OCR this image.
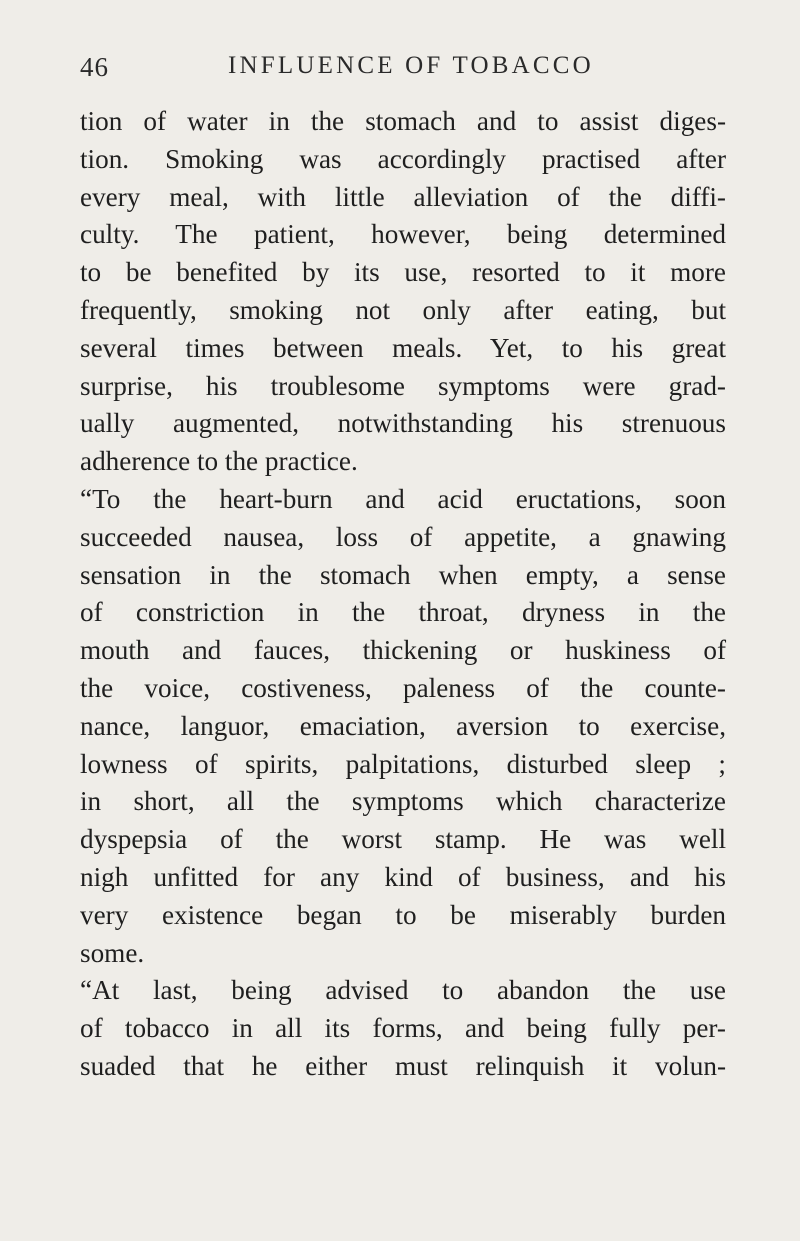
46	INFLUENCE OF TOBACCO
tion of water in the stomach and to assist diges-
tion. Smoking was accordingly practised after
every meal, with little alleviation of the diffi-
culty. The patient, however, being determined
to be benefited by its use, resorted to it more
frequently, smoking not only after eating, but
several times between meals. Yet, to his great
surprise, his troublesome symptoms were grad-
ually augmented, notwithstanding his strenuous
adherence to the practice.
“To the heart-burn and acid eructations, soon
succeeded nausea, loss of appetite, a gnawing
sensation in the stomach when empty, a sense
of constriction in the throat, dryness in the
mouth and fauces, thickening or huskiness of
the voice, costiveness, paleness of the counte-
nance, languor, emaciation, aversion to exercise,
lowness of spirits, palpitations, disturbed sleep ;
in short, all the symptoms which characterize
dyspepsia of the worst stamp. He was well
nigh unfitted for any kind of business, and his
very existence began to be miserably burden
some.
“At last, being advised to abandon the use
of tobacco in all its forms, and being fully per-
suaded that he either must relinquish it volun-
